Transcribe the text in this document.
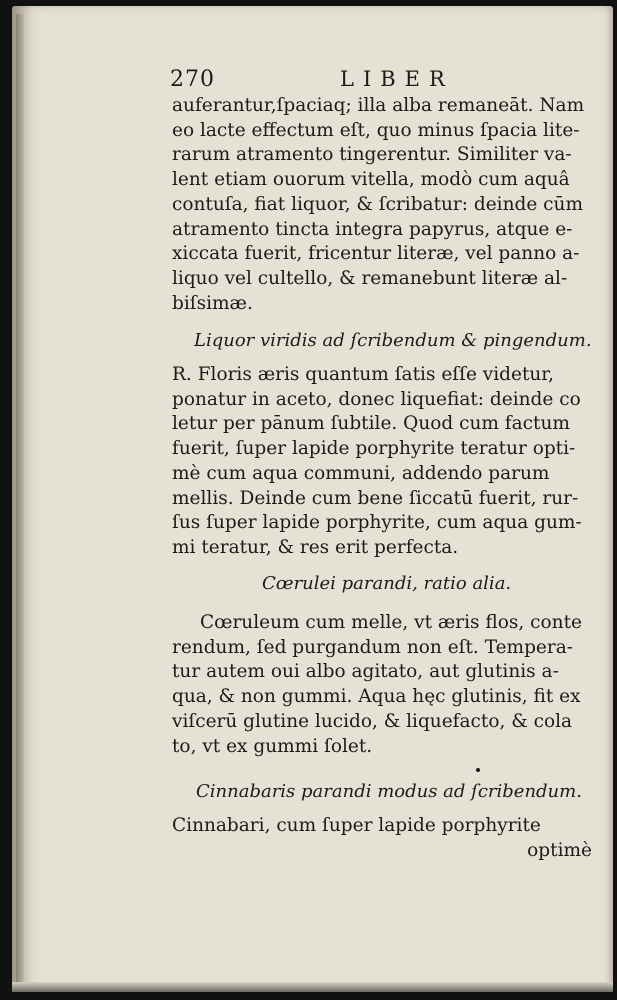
270	LIBER
auferantur,ſpaciaq; illa alba remaneāt. Nam
eo lacte effectum eſt, quo minus ſpacia lite-
rarum atramento tingerentur. Similiter va-
lent etiam ouorum vitella, modò cum aquâ
contuſa, fiat liquor, & ſcribatur: deinde cūm
atramento tincta integra papyrus, atque e-
xiccata fuerit, fricentur literæ, vel panno a-
liquo vel cultello, & remanebunt literæ al-
biſsimæ.
Liquor viridis ad ſcribendum & pingendum.
R. Floris æris quantum ſatis eſſe videtur,
ponatur in aceto, donec liquefiat: deinde co
letur per pānum ſubtile. Quod cum factum
fuerit, ſuper lapide porphyrite teratur opti-
mè cum aqua communi, addendo parum
mellis. Deinde cum bene ſiccatū fuerit, rur-
ſus ſuper lapide porphyrite, cum aqua gum-
mi teratur, & res erit perfecta.
Cœrulei parandi, ratio alia.
Cœruleum cum melle, vt æris flos, conte
rendum, ſed purgandum non eſt. Tempera-
tur autem oui albo agitato, aut glutinis a-
qua, & non gummi. Aqua hęc glutinis, fit ex
viſcerū glutine lucido, & liquefacto, & cola
to, vt ex gummi ſolet.
Cinnabaris parandi modus ad ſcribendum.
Cinnabari, cum ſuper lapide porphyrite
optimè
